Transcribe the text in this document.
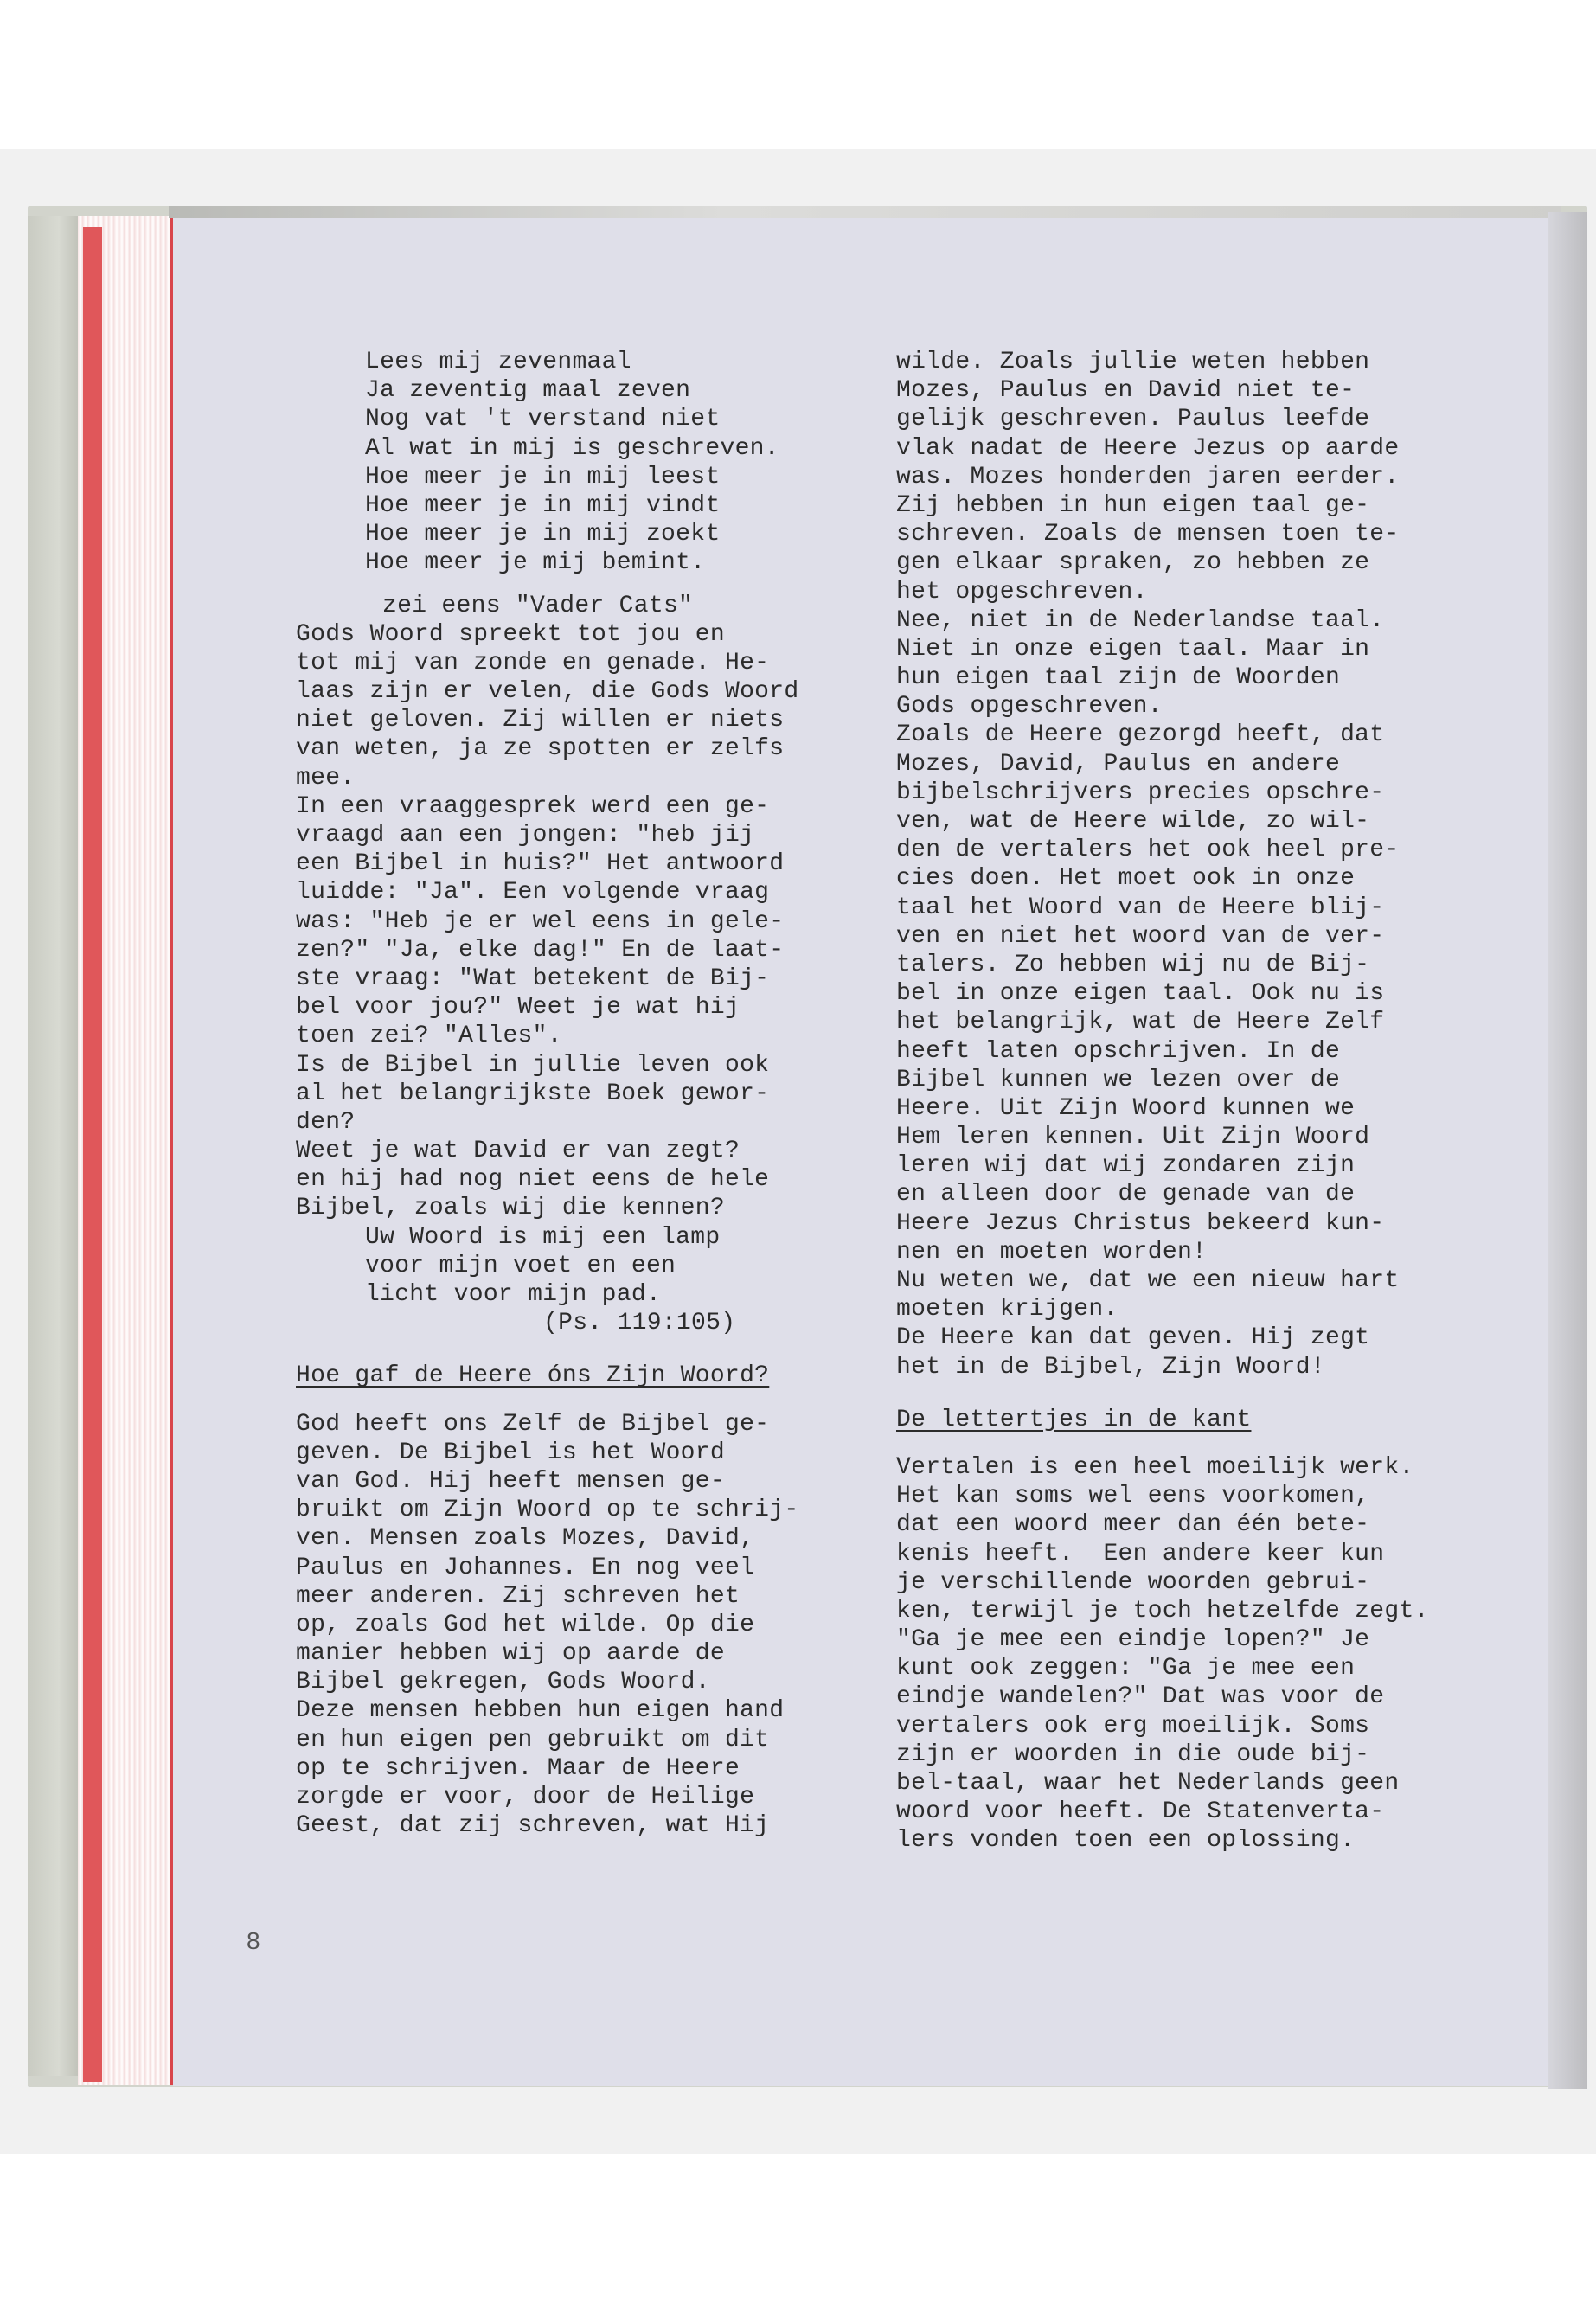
Lees mij zevenmaal
Ja zeventig maal zeven
Nog vat 't verstand niet
Al wat in mij is geschreven.
Hoe meer je in mij leest
Hoe meer je in mij vindt
Hoe meer je in mij zoekt
Hoe meer je mij bemint.
zei eens "Vader Cats"
Gods Woord spreekt tot jou en
tot mij van zonde en genade. He-
laas zijn er velen, die Gods Woord
niet geloven. Zij willen er niets
van weten, ja ze spotten er zelfs
mee.
In een vraaggesprek werd een ge-
vraagd aan een jongen: "heb jij
een Bijbel in huis?" Het antwoord
luidde: "Ja". Een volgende vraag
was: "Heb je er wel eens in gele-
zen?" "Ja, elke dag!" En de laat-
ste vraag: "Wat betekent de Bij-
bel voor jou?" Weet je wat hij
toen zei? "Alles".
Is de Bijbel in jullie leven ook
al het belangrijkste Boek gewor-
den?
Weet je wat David er van zegt?
en hij had nog niet eens de hele
Bijbel, zoals wij die kennen?
Uw Woord is mij een lamp
voor mijn voet en een
licht voor mijn pad.
(Ps. 119:105)
Hoe gaf de Heere óns Zijn Woord?
God heeft ons Zelf de Bijbel ge-
geven. De Bijbel is het Woord
van God. Hij heeft mensen ge-
bruikt om Zijn Woord op te schrij-
ven. Mensen zoals Mozes, David,
Paulus en Johannes. En nog veel
meer anderen. Zij schreven het
op, zoals God het wilde. Op die
manier hebben wij op aarde de
Bijbel gekregen, Gods Woord.
Deze mensen hebben hun eigen hand
en hun eigen pen gebruikt om dit
op te schrijven. Maar de Heere
zorgde er voor, door de Heilige
Geest, dat zij schreven, wat Hij
wilde. Zoals jullie weten hebben
Mozes, Paulus en David niet te-
gelijk geschreven. Paulus leefde
vlak nadat de Heere Jezus op aarde
was. Mozes honderden jaren eerder.
Zij hebben in hun eigen taal ge-
schreven. Zoals de mensen toen te-
gen elkaar spraken, zo hebben ze
het opgeschreven.
Nee, niet in de Nederlandse taal.
Niet in onze eigen taal. Maar in
hun eigen taal zijn de Woorden
Gods opgeschreven.
Zoals de Heere gezorgd heeft, dat
Mozes, David, Paulus en andere
bijbelschrijvers precies opschre-
ven, wat de Heere wilde, zo wil-
den de vertalers het ook heel pre-
cies doen. Het moet ook in onze
taal het Woord van de Heere blij-
ven en niet het woord van de ver-
talers. Zo hebben wij nu de Bij-
bel in onze eigen taal. Ook nu is
het belangrijk, wat de Heere Zelf
heeft laten opschrijven. In de
Bijbel kunnen we lezen over de
Heere. Uit Zijn Woord kunnen we
Hem leren kennen. Uit Zijn Woord
leren wij dat wij zondaren zijn
en alleen door de genade van de
Heere Jezus Christus bekeerd kun-
nen en moeten worden!
Nu weten we, dat we een nieuw hart
moeten krijgen.
De Heere kan dat geven. Hij zegt
het in de Bijbel, Zijn Woord!
De lettertjes in de kant
Vertalen is een heel moeilijk werk.
Het kan soms wel eens voorkomen,
dat een woord meer dan één bete-
kenis heeft.  Een andere keer kun
je verschillende woorden gebrui-
ken, terwijl je toch hetzelfde zegt.
"Ga je mee een eindje lopen?" Je
kunt ook zeggen: "Ga je mee een
eindje wandelen?" Dat was voor de
vertalers ook erg moeilijk. Soms
zijn er woorden in die oude bij-
bel-taal, waar het Nederlands geen
woord voor heeft. De Statenverta-
lers vonden toen een oplossing.
8
